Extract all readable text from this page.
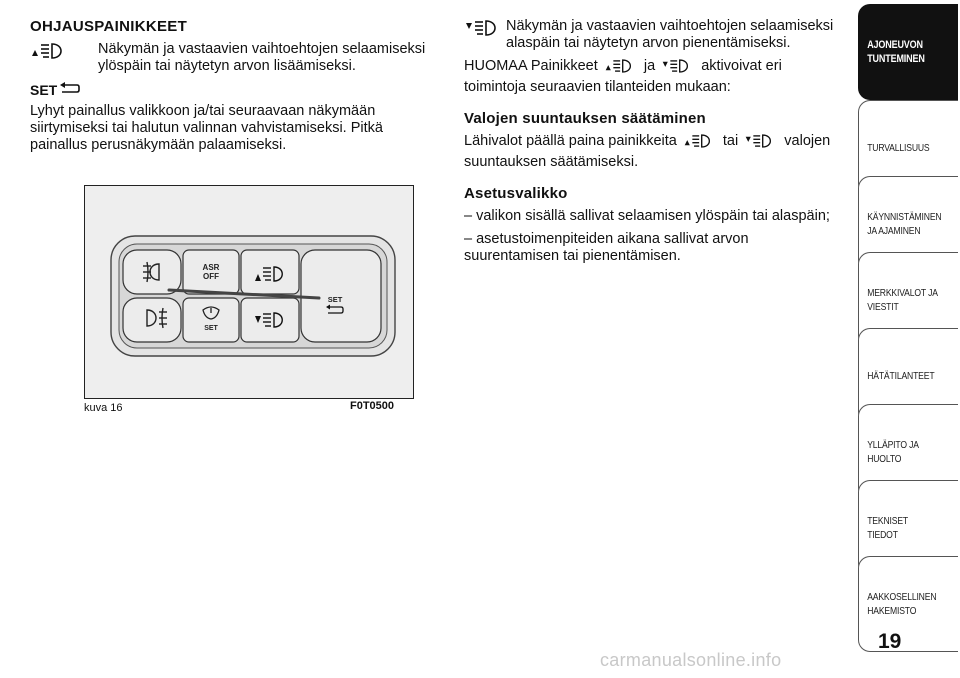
OHJAUSPAINIKKEET
Näkymän ja vastaavien vaihtoehtojen selaamiseksi ylöspäin tai näytetyn arvon lisäämiseksi.
SET

Lyhyt painallus valikkoon ja/tai seuraavaan näkymään siirtymiseksi tai halutun valinnan vahvistamiseksi. Pitkä painallus perusnäkymään palaamiseksi.

ASR
OFF
SET
SET
kuva 16	F0T0500
Näkymän ja vastaavien vaihtoehtojen selaamiseksi alaspäin tai näytetyn arvon pienentämiseksi.

HUOMAA Painikkeet	ja	aktivoivat eri toimintoja seuraavien tilanteiden mukaan:

Valojen suuntauksen säätäminen

Lähivalot päällä paina painikkeita	tai	valojen suuntauksen säätämiseksi.

Asetusvalikko

– valikon sisällä sallivat selaamisen ylöspäin tai alaspäin;

– asetustoimenpiteiden aikana sallivat arvon suurentamisen tai pienentämisen.

AJONEUVON
TUNTEMINEN
TURVALLISUUS
KÄYNNISTÄMINEN
JA AJAMINEN
MERKKIVALOT JA
VIESTIT
HÄTÄTILANTEET
YLLÄPITO JA HUOLTO
TEKNISET TIEDOT
AAKKOSELLINEN
HAKEMISTO
19
carmanualsonline.info
